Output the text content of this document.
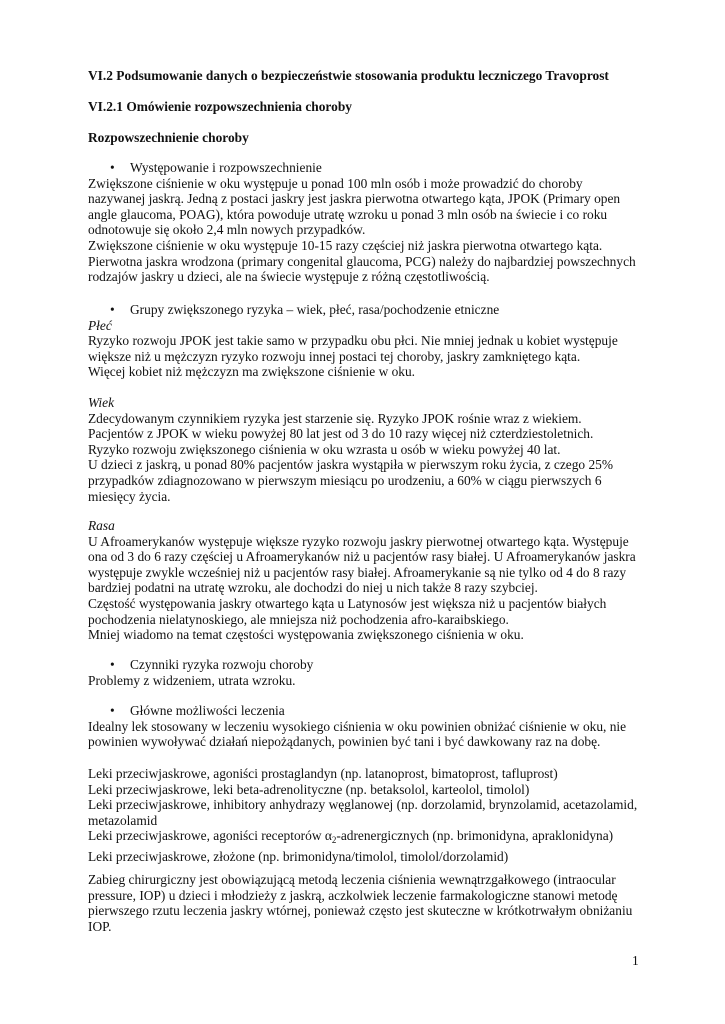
VI.2 Podsumowanie danych o bezpieczeństwie stosowania produktu leczniczego Travoprost
VI.2.1 Omówienie rozpowszechnienia choroby
Rozpowszechnienie choroby
• Występowanie i rozpowszechnienie
Zwiększone ciśnienie w oku występuje u ponad 100 mln osób i może prowadzić do choroby
nazywanej jaskrą. Jedną z postaci jaskry jest jaskra pierwotna otwartego kąta, JPOK (Primary open
angle glaucoma, POAG), która powoduje utratę wzroku u ponad 3 mln osób na świecie i co roku
odnotowuje się około 2,4 mln nowych przypadków.
Zwiększone ciśnienie w oku występuje 10-15 razy częściej niż jaskra pierwotna otwartego kąta.
Pierwotna jaskra wrodzona (primary congenital glaucoma, PCG) należy do najbardziej powszechnych
rodzajów jaskry u dzieci, ale na świecie występuje z różną częstotliwością.
• Grupy zwiększonego ryzyka – wiek, płeć, rasa/pochodzenie etniczne
Płeć
Ryzyko rozwoju JPOK jest takie samo w przypadku obu płci. Nie mniej jednak u kobiet występuje
większe niż u mężczyzn ryzyko rozwoju innej postaci tej choroby, jaskry zamkniętego kąta.
Więcej kobiet niż mężczyzn ma zwiększone ciśnienie w oku.
Wiek
Zdecydowanym czynnikiem ryzyka jest starzenie się. Ryzyko JPOK rośnie wraz z wiekiem.
Pacjentów z JPOK w wieku powyżej 80 lat jest od 3 do 10 razy więcej niż czterdziestoletnich.
Ryzyko rozwoju zwiększonego ciśnienia w oku wzrasta u osób w wieku powyżej 40 lat.
U dzieci z jaskrą, u ponad 80% pacjentów jaskra wystąpiła w pierwszym roku życia, z czego 25%
przypadków zdiagnozowano w pierwszym miesiącu po urodzeniu, a 60% w ciągu pierwszych 6
miesięcy życia.
Rasa
U Afroamerykanów występuje większe ryzyko rozwoju jaskry pierwotnej otwartego kąta. Występuje
ona od 3 do 6 razy częściej u Afroamerykanów niż u pacjentów rasy białej. U Afroamerykanów jaskra
występuje zwykle wcześniej niż u pacjentów rasy białej. Afroamerykanie są nie tylko od 4 do 8 razy
bardziej podatni na utratę wzroku, ale dochodzi do niej u nich także 8 razy szybciej.
Częstość występowania jaskry otwartego kąta u Latynosów jest większa niż u pacjentów białych
pochodzenia nielatynoskiego, ale mniejsza niż pochodzenia afro-karaibskiego.
Mniej wiadomo na temat częstości występowania zwiększonego ciśnienia w oku.
• Czynniki ryzyka rozwoju choroby
Problemy z widzeniem, utrata wzroku.
• Główne możliwości leczenia
Idealny lek stosowany w leczeniu wysokiego ciśnienia w oku powinien obniżać ciśnienie w oku, nie
powinien wywoływać działań niepożądanych, powinien być tani i być dawkowany raz na dobę.
Leki przeciwjaskrowe, agoniści prostaglandyn (np. latanoprost, bimatoprost, tafluprost)
Leki przeciwjaskrowe, leki beta-adrenolityczne (np. betaksolol, karteolol, timolol)
Leki przeciwjaskrowe, inhibitory anhydrazy węglanowej (np. dorzolamid, brynzolamid, acetazolamid,
metazolamid
Leki przeciwjaskrowe, agoniści receptorów $\alpha_2$-adrenergicznych (np. brimonidyna, apraklonidyna)
Leki przeciwjaskrowe, złożone (np. brimonidyna/timolol, timolol/dorzolamid)
Zabieg chirurgiczny jest obowiązującą metodą leczenia ciśnienia wewnątrzgałkowego (intraocular
pressure, IOP) u dzieci i młodzieży z jaskrą, aczkolwiek leczenie farmakologiczne stanowi metodę
pierwszego rzutu leczenia jaskry wtórnej, ponieważ często jest skuteczne w krótkotrwałym obniżaniu
IOP.
1
